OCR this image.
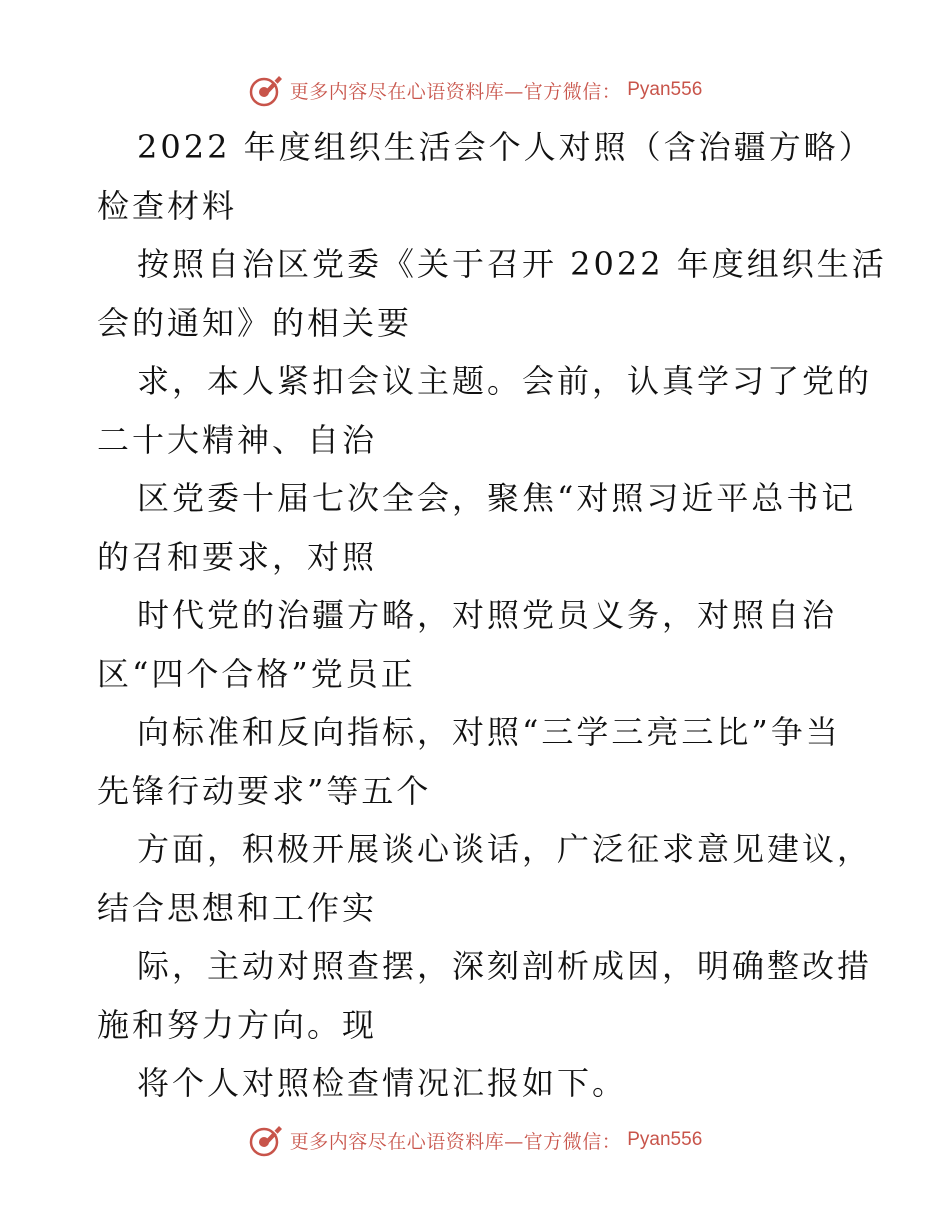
更多内容尽在心语资料库—官方微信： Pyan556
2022 年度组织生活会个人对照（含治疆方略）
检查材料
按照自治区党委《关于召开 2022 年度组织生活
会的通知》的相关要
求，本人紧扣会议主题。会前，认真学习了党的
二十大精神、自治
区党委十届七次全会，聚焦“对照习近平总书记
的召和要求，对照
时代党的治疆方略，对照党员义务，对照自治
区“四个合格”党员正
向标准和反向指标，对照“三学三亮三比”争当
先锋行动要求”等五个
方面，积极开展谈心谈话，广泛征求意见建议，
结合思想和工作实
际，主动对照查摆，深刻剖析成因，明确整改措
施和努力方向。现
将个人对照检查情况汇报如下。
更多内容尽在心语资料库—官方微信： Pyan556
